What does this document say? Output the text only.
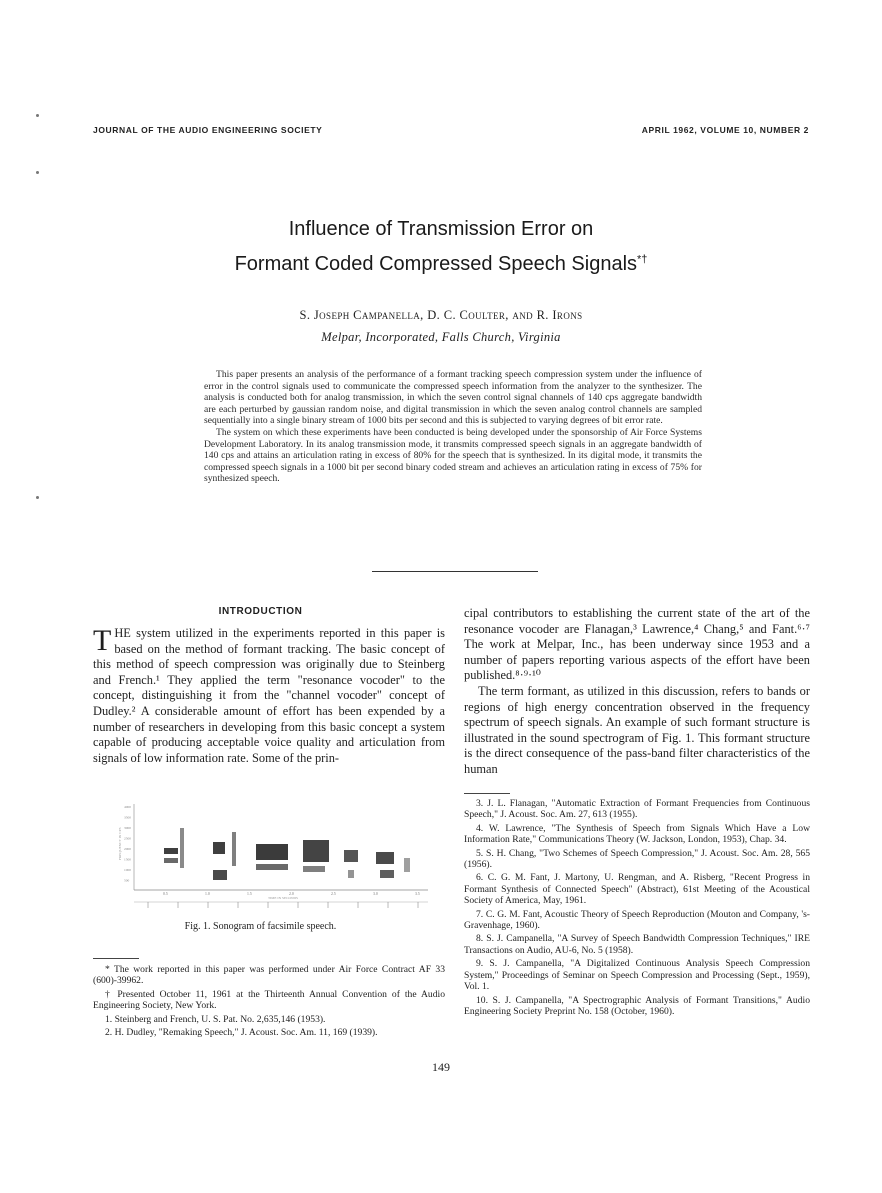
JOURNAL OF THE AUDIO ENGINEERING SOCIETY	APRIL 1962, VOLUME 10, NUMBER 2
Influence of Transmission Error on
Formant Coded Compressed Speech Signals*†
S. Joseph Campanella, D. C. Coulter, and R. Irons
Melpar, Incorporated, Falls Church, Virginia

This paper presents an analysis of the performance of a formant tracking speech compression system under the influence of error in the control signals used to communicate the compressed speech information from the analyzer to the synthesizer. The analysis is conducted both for analog transmission, in which the seven control signal channels of 140 cps aggregate bandwidth are each perturbed by gaussian random noise, and digital transmission in which the seven analog control channels are sampled sequentially into a single binary stream of 1000 bits per second and this is subjected to varying degrees of bit error rate.

The system on which these experiments have been conducted is being developed under the sponsorship of Air Force Systems Development Laboratory. In its analog transmission mode, it transmits compressed speech signals in an aggregate bandwidth of 140 cps and attains an articulation rating in excess of 80% for the speech that is synthesized. In its digital mode, it transmits the compressed speech signals in a 1000 bit per second binary coded stream and achieves an articulation rating in excess of 75% for synthesized speech.

INTRODUCTION

THE system utilized in the experiments reported in this paper is based on the method of formant tracking. The basic concept of this method of speech compression was originally due to Steinberg and French.¹ They applied the term "resonance vocoder" to the concept, distinguishing it from the "channel vocoder" concept of Dudley.² A considerable amount of effort has been expended by a number of researchers in developing from this basic concept a system capable of producing acceptable voice quality and articulation from signals of low information rate. Some of the prin-

4000
3500
3000
2500
2000
1500
1000
500
0.5	1.0	1.5	2.0	2.5	3.0	3.5
FREQUENCY IN CPS
TIME IN SECONDS
Fig. 1. Sonogram of facsimile speech.
* The work reported in this paper was performed under Air Force Contract AF 33 (600)-39962.
† Presented October 11, 1961 at the Thirteenth Annual Convention of the Audio Engineering Society, New York.
1. Steinberg and French, U. S. Pat. No. 2,635,146 (1953).
2. H. Dudley, "Remaking Speech," J. Acoust. Soc. Am. 11, 169 (1939).

cipal contributors to establishing the current state of the art of the resonance vocoder are Flanagan,³ Lawrence,⁴ Chang,⁵ and Fant.⁶·⁷ The work at Melpar, Inc., has been underway since 1953 and a number of papers reporting various aspects of the effort have been published.⁸·⁹·¹⁰

The term formant, as utilized in this discussion, refers to bands or regions of high energy concentration observed in the frequency spectrum of speech signals. An example of such formant structure is illustrated in the sound spectrogram of Fig. 1. This formant structure is the direct consequence of the pass-band filter characteristics of the human

3. J. L. Flanagan, "Automatic Extraction of Formant Frequencies from Continuous Speech," J. Acoust. Soc. Am. 27, 613 (1955).
4. W. Lawrence, "The Synthesis of Speech from Signals Which Have a Low Information Rate," Communications Theory (W. Jackson, London, 1953), Chap. 34.
5. S. H. Chang, "Two Schemes of Speech Compression," J. Acoust. Soc. Am. 28, 565 (1956).
6. C. G. M. Fant, J. Martony, U. Rengman, and A. Risberg, "Recent Progress in Formant Synthesis of Connected Speech" (Abstract), 61st Meeting of the Acoustical Society of America, May, 1961.
7. C. G. M. Fant, Acoustic Theory of Speech Reproduction (Mouton and Company, 's-Gravenhage, 1960).
8. S. J. Campanella, "A Survey of Speech Bandwidth Compression Techniques," IRE Transactions on Audio, AU-6, No. 5 (1958).
9. S. J. Campanella, "A Digitalized Continuous Analysis Speech Compression System," Proceedings of Seminar on Speech Compression and Processing (Sept., 1959), Vol. 1.
10. S. J. Campanella, "A Spectrographic Analysis of Formant Transitions," Audio Engineering Society Preprint No. 158 (October, 1960).
149
